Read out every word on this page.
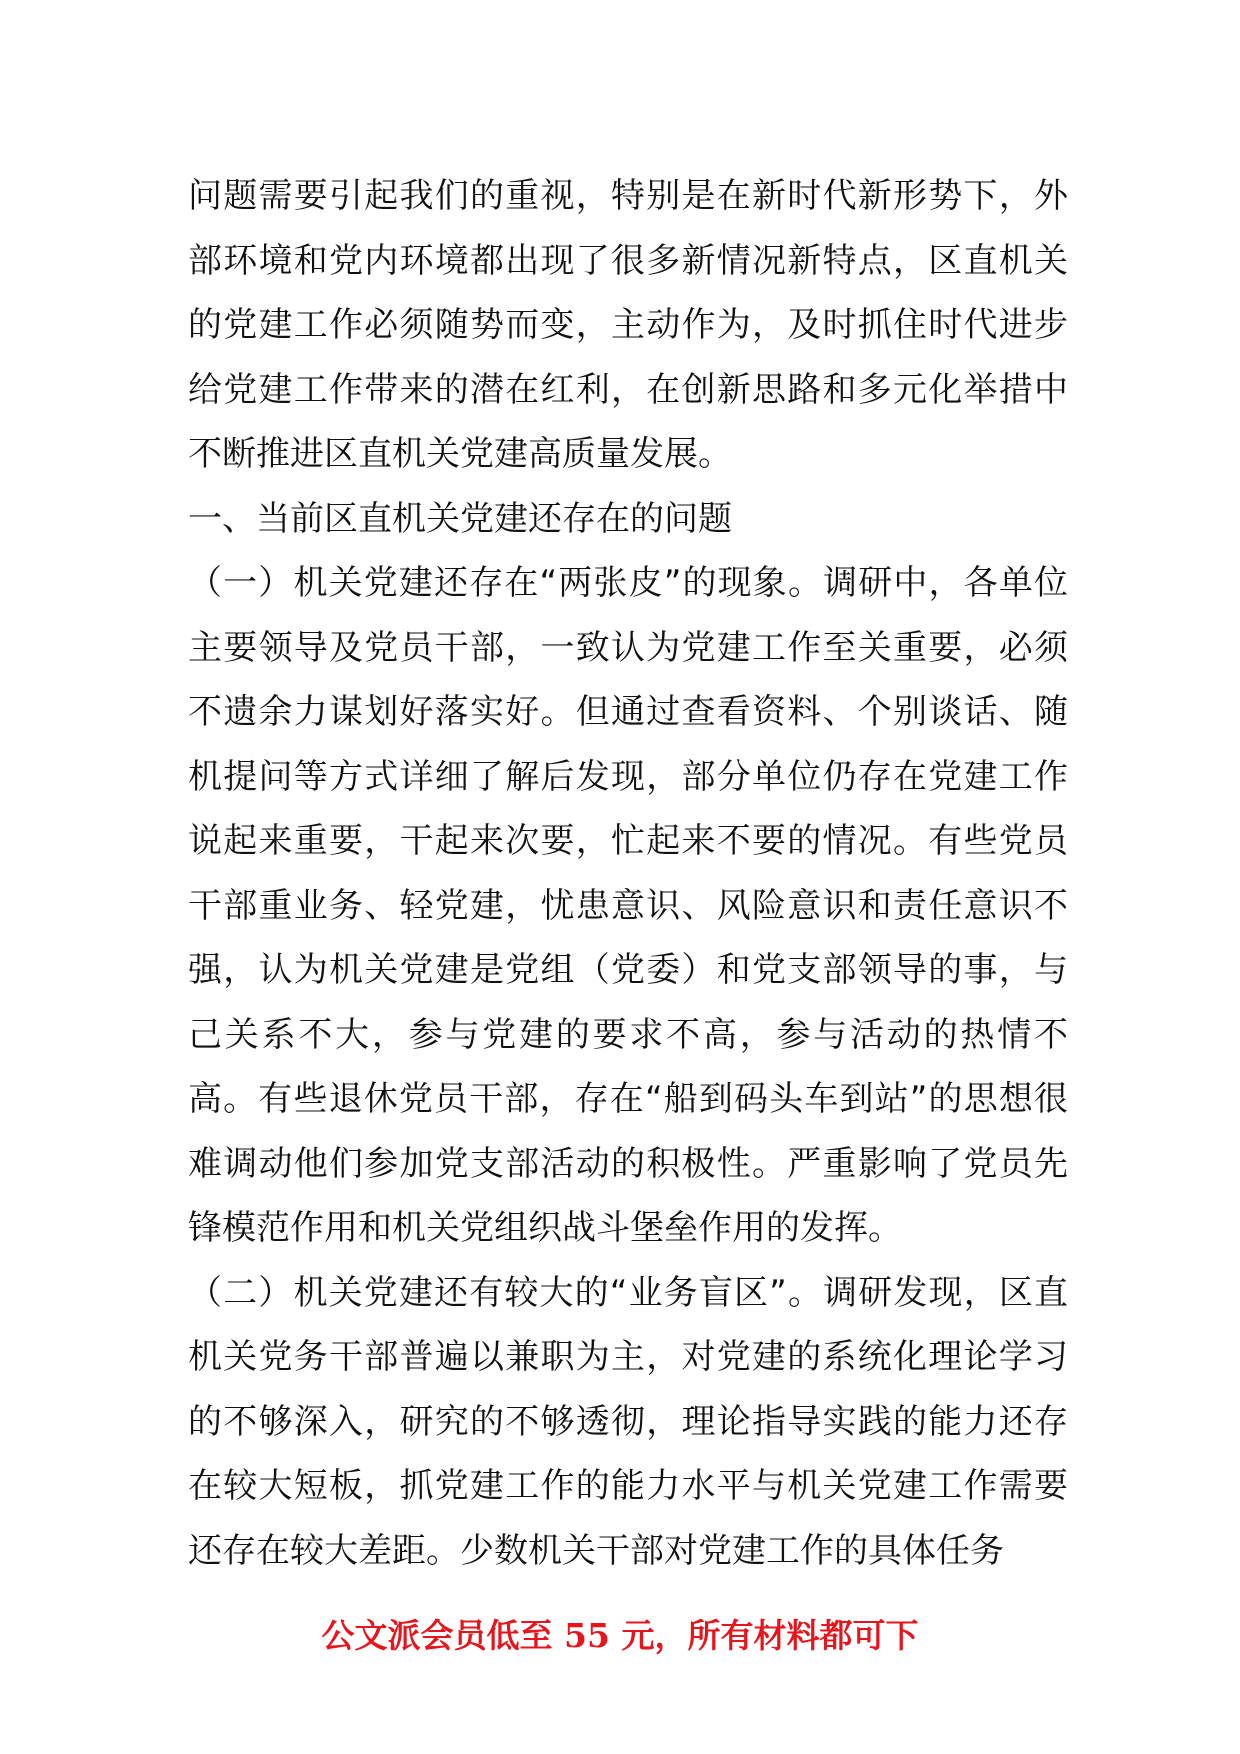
问题需要引起我们的重视，特别是在新时代新形势下，外部环境和党内环境都出现了很多新情况新特点，区直机关的党建工作必须随势而变，主动作为，及时抓住时代进步给党建工作带来的潜在红利，在创新思路和多元化举措中不断推进区直机关党建高质量发展。

一、当前区直机关党建还存在的问题

（一）机关党建还存在“两张皮”的现象。调研中，各单位主要领导及党员干部，一致认为党建工作至关重要，必须不遗余力谋划好落实好。但通过查看资料、个别谈话、随机提问等方式详细了解后发现，部分单位仍存在党建工作说起来重要，干起来次要，忙起来不要的情况。有些党员干部重业务、轻党建，忧患意识、风险意识和责任意识不强，认为机关党建是党组（党委）和党支部领导的事，与己关系不大，参与党建的要求不高，参与活动的热情不高。有些退休党员干部，存在“船到码头车到站”的思想很难调动他们参加党支部活动的积极性。严重影响了党员先锋模范作用和机关党组织战斗堡垒作用的发挥。

（二）机关党建还有较大的“业务盲区”。调研发现，区直机关党务干部普遍以兼职为主，对党建的系统化理论学习的不够深入，研究的不够透彻，理论指导实践的能力还存在较大短板，抓党建工作的能力水平与机关党建工作需要还存在较大差距。少数机关干部对党建工作的具体任务

公文派会员低至 55 元，所有材料都可下
